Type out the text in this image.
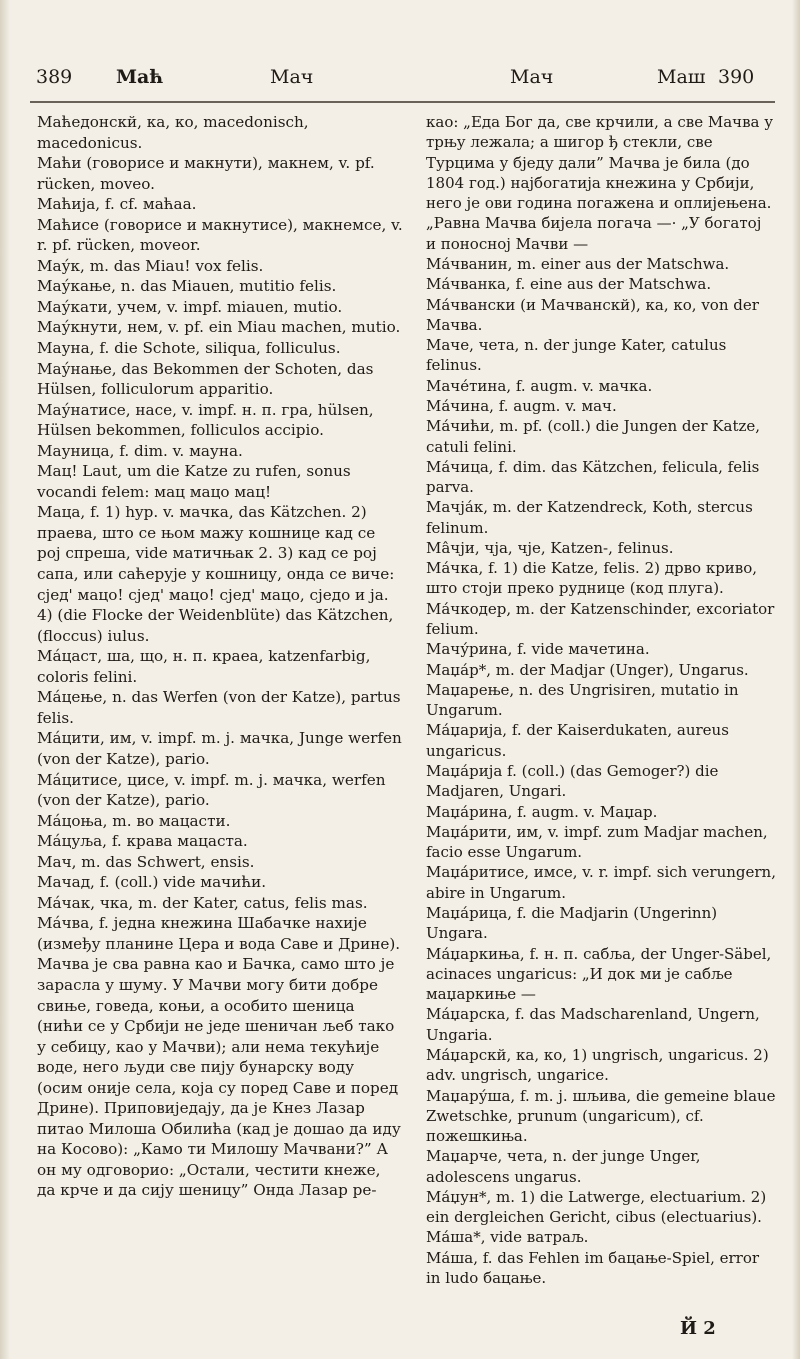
389 Маћ	Мач	Мач	Маш 390

Маћедонскй, ка, ко, macedonisch, macedonicus.

Маћи (говорисе и макнути), макнем, v. pf. rücken, moveo.

Маћија, f. cf. маћаа.

Маћисе (говорисе и макнутисе), макнемсе, v. r. pf. rücken, moveor.

Мау́к, m. das Miau! vox felis.

Мау́кање, n. das Miauen, mutitio felis.

Мау́кати, учем, v. impf. miauen, mutio.

Мау́кнути, нем, v. pf. ein Miau machen, mutio.

Мауна, f. die Schote, siliqua, folliculus.

Мау́нање, das Bekommen der Schoten, das Hülsen, folliculorum apparitio.

Мау́натисе, насе, v. impf. н. п. гра, hülsen, Hülsen bekommen, folliculos accipio.

Мауница, f. dim. v. мауна.

Мац! Laut, um die Katze zu rufen, sonus vocandi felem: мац мацо мац!

Маца, f. 1) hyp. v. мачка, das Kätzchen. 2) праева, што се њом мажу кошнице кад се рој спреша, vide матичњак 2. 3) кад се рој сапа, или саћерује у кошницу, онда се виче: сјед' мацо! сјед' мацо! сјед' мацо, сједо и ја. 4) (die Flocke der Weidenblüte) das Kätzchen, (floccus) iulus.

Ма́цаст, ша, що, н. п. краеа, katzenfarbig, coloris felini.

Ма́цење, n. das Werfen (von der Katze), partus felis.

Ма́цити, им, v. impf. m. j. мачка, Junge werfen (von der Katze), pario.

Ма́цитисе, цисе, v. impf. m. j. мачка, werfen (von der Katze), pario.

Ма́цоња, m. во мацасти.

Ма́цуља, f. крава мацаста.

Мач, m. das Schwert, ensis.

Мачад, f. (coll.) vide мачићи.

Ма́чак, чка, m. der Kater, catus, felis mas.

Ма́чва, f. једна кнежина Шабачке нахије (између планине Цера и вода Саве и Дрине). Мачва је сва равна као и Бачка, само што је зарасла у шуму. У Мачви могу бити добре свиње, говеда, коњи, а особито шеница (нићи се у Србији не једе шеничан љеб тако у себицу, као у Мачви); али нема текућије воде, него људи све пију бунарску воду (осим оније села, која су поред Саве и поред Дрине). Приповиједају, да је Кнез Лазар питао Милоша Обилића (кад је дошао да иду на Косово): „Камо ти Милошу Мачвани?” А он му одговорио: „Остали, честити кнеже, да крче и да сију шеницу” Онда Лазар ре-

као: „Еда Бог да, све крчили, а све Мачва у трњу лежала; а шигор ђ стекли, све Турцима у бједу дали” Мачва је била (до 1804 год.) најбогатија кнежина у Србији, него је ови година погажена и оплијењена. „Равна Мачва бијела погача —· „У богатој и поносној Мачви —

Ма́чванин, m. einer aus der Matschwa.

Ма́чванка, f. eine aus der Matschwa.

Ма́чвански (и Мачванскй), ка, ко, von der Мачва.

Маче, чета, n. der junge Kater, catulus felinus.

Маче́тина, f. augm. v. мачка.

Ма́чина, f. augm. v. мач.

Ма́чићи, m. pf. (coll.) die Jungen der Katze, catuli felini.

Ма́чица, f. dim. das Kätzchen, felicula, felis parva.

Мачја́к, m. der Katzendreck, Koth, stercus felinum.

Ма̂чји, чја, чје, Katzen-, felinus.

Ма́чка, f. 1) die Katze, felis. 2) дрво криво, што стоји преко руднице (код плуга).

Ма́чкодер, m. der Katzenschinder, excoriator felium.

Мачу́рина, f. vide мачетина.

Маџа́р*, m. der Madjar (Unger), Ungarus.

Маџарење, n. des Ungrisiren, mutatio in Ungarum.

Ма́џарија, f. der Kaiserdukaten, aureus ungaricus.

Маџа́рија f. (coll.) (das Gemoger?) die Madjaren, Ungari.

Маџа́рина, f. augm. v. Маџар.

Маџа́рити, им, v. impf. zum Madjar machen, facio esse Ungarum.

Маџа́ритисе, имсе, v. r. impf. sich verungern, abire in Ungarum.

Маџа́рица, f. die Madjarin (Ungerinn) Ungara.

Ма́џаркиња, f. н. п. сабља, der Unger-Säbel, acinaces ungaricus: „И док ми је сабље маџаркиње —

Ма́џарска, f. das Madscharenland, Ungern, Ungaria.

Ма́џарскй, ка, ко, 1) ungrisch, ungaricus. 2) adv. ungrisch, ungarice.

Маџару́ша, f. m. j. шљива, die gemeine blaue Zwetschke, prunum (ungaricum), cf. пожешкиња.

Маџарче, чета, n. der junge Unger, adolescens ungarus.

Ма́џун*, m. 1) die Latwerge, electuarium. 2) ein dergleichen Gericht, cibus (electuarius).

Ма́ша*, vide ватраљ.

Ма́ша, f. das Fehlen im бацање-Spiel, error in ludo бацање.

Й 2
